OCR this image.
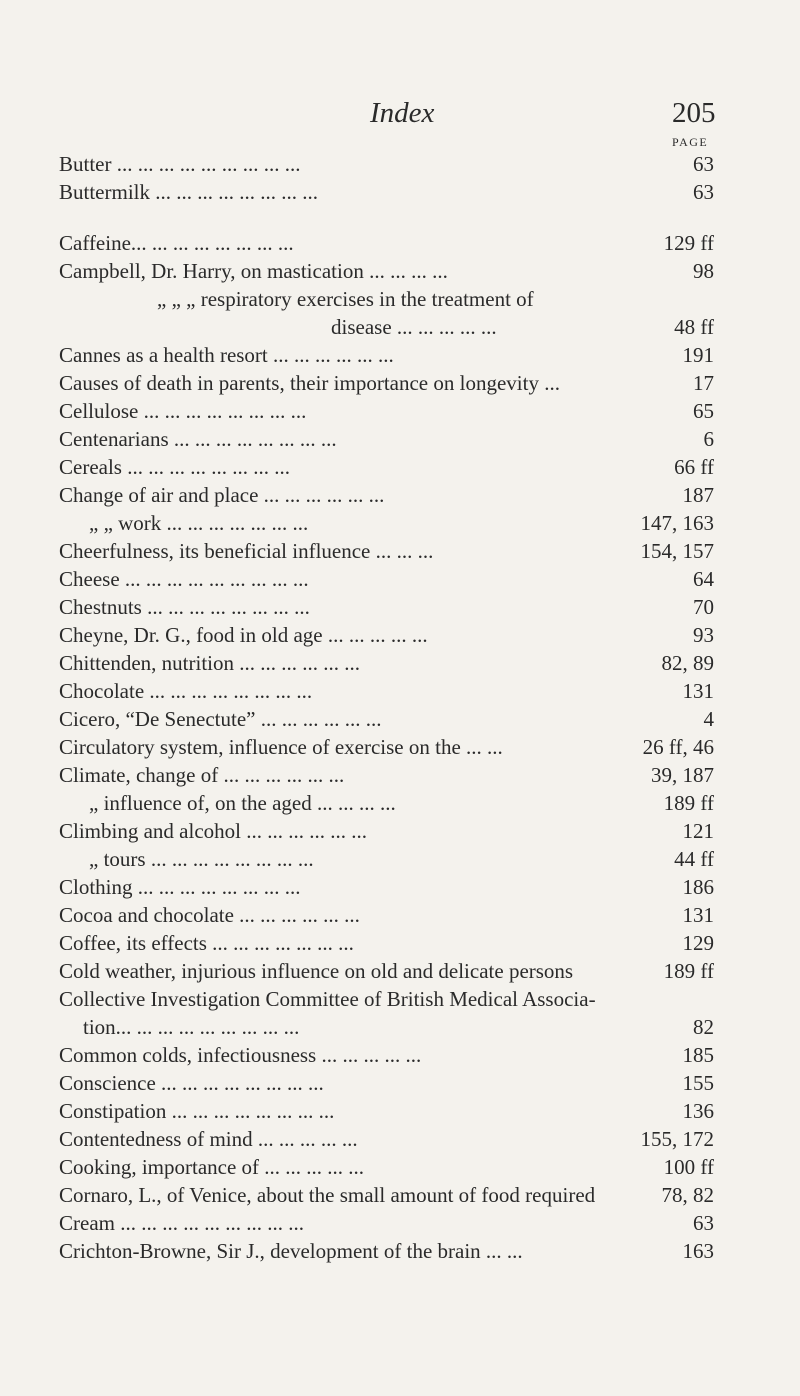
Index	205
PAGE
Butter ... ... ... ... ... ... ... ... ...	63
Buttermilk ... ... ... ... ... ... ... ...	63
Caffeine... ... ... ... ... ... ... ...	129 ff
Campbell, Dr. Harry, on mastication ... ... ... ...	98
„ „ „ respiratory exercises in the treatment of
disease ... ... ... ... ...	48 ff
Cannes as a health resort ... ... ... ... ... ...	191
Causes of death in parents, their importance on longevity ...	17
Cellulose ... ... ... ... ... ... ... ...	65
Centenarians ... ... ... ... ... ... ... ...	6
Cereals ... ... ... ... ... ... ... ...	66 ff
Change of air and place ... ... ... ... ... ...	187
„ „ work ... ... ... ... ... ... ...	147, 163
Cheerfulness, its beneficial influence ... ... ...	154, 157
Cheese ... ... ... ... ... ... ... ... ...	64
Chestnuts ... ... ... ... ... ... ... ...	70
Cheyne, Dr. G., food in old age ... ... ... ... ...	93
Chittenden, nutrition ... ... ... ... ... ...	82, 89
Chocolate ... ... ... ... ... ... ... ...	131
Cicero, “De Senectute” ... ... ... ... ... ...	4
Circulatory system, influence of exercise on the ... ...	26 ff, 46
Climate, change of ... ... ... ... ... ...	39, 187
„ influence of, on the aged ... ... ... ...	189 ff
Climbing and alcohol ... ... ... ... ... ...	121
„ tours ... ... ... ... ... ... ... ...	44 ff
Clothing ... ... ... ... ... ... ... ...	186
Cocoa and chocolate ... ... ... ... ... ...	131
Coffee, its effects ... ... ... ... ... ... ...	129
Cold weather, injurious influence on old and delicate persons	189 ff
Collective Investigation Committee of British Medical Associa-
tion... ... ... ... ... ... ... ... ...	82
Common colds, infectiousness ... ... ... ... ...	185
Conscience ... ... ... ... ... ... ... ...	155
Constipation ... ... ... ... ... ... ... ...	136
Contentedness of mind ... ... ... ... ...	155, 172
Cooking, importance of ... ... ... ... ...	100 ff
Cornaro, L., of Venice, about the small amount of food required	78, 82
Cream ... ... ... ... ... ... ... ... ...	63
Crichton-Browne, Sir J., development of the brain ... ...	163
